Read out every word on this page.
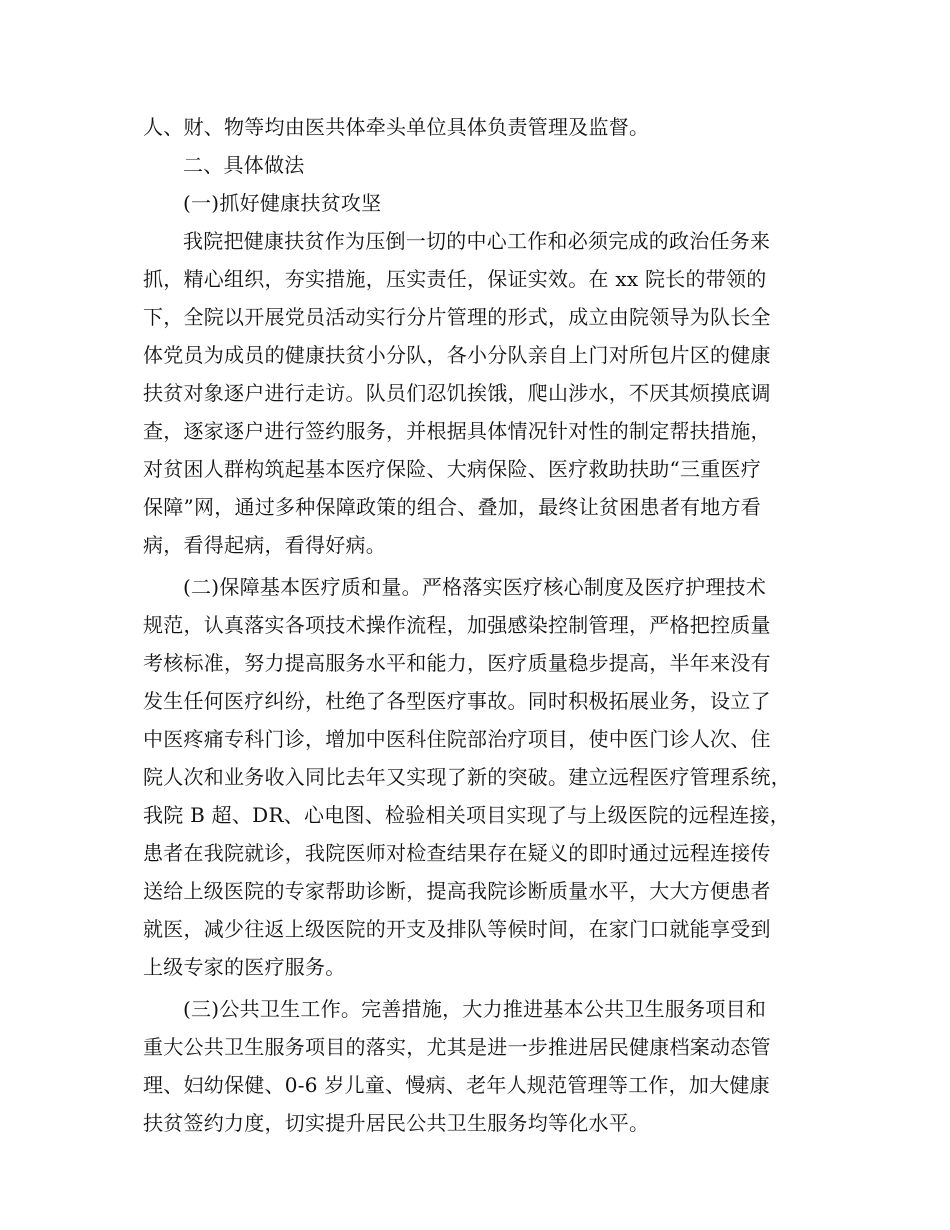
人、财、物等均由医共体牵头单位具体负责管理及监督。
二、具体做法
(一)抓好健康扶贫攻坚
我院把健康扶贫作为压倒一切的中心工作和必须完成的政治任务来
抓，精心组织，夯实措施，压实责任，保证实效。在 xx 院长的带领的
下，全院以开展党员活动实行分片管理的形式，成立由院领导为队长全
体党员为成员的健康扶贫小分队，各小分队亲自上门对所包片区的健康
扶贫对象逐户进行走访。队员们忍饥挨饿，爬山涉水，不厌其烦摸底调
查，逐家逐户进行签约服务，并根据具体情况针对性的制定帮扶措施，
对贫困人群构筑起基本医疗保险、大病保险、医疗救助扶助“三重医疗
保障”网，通过多种保障政策的组合、叠加，最终让贫困患者有地方看
病，看得起病，看得好病。
(二)保障基本医疗质和量。严格落实医疗核心制度及医疗护理技术
规范，认真落实各项技术操作流程，加强感染控制管理，严格把控质量
考核标准，努力提高服务水平和能力，医疗质量稳步提高，半年来没有
发生任何医疗纠纷，杜绝了各型医疗事故。同时积极拓展业务，设立了
中医疼痛专科门诊，增加中医科住院部治疗项目，使中医门诊人次、住
院人次和业务收入同比去年又实现了新的突破。建立远程医疗管理系统，
我院 B 超、DR、心电图、检验相关项目实现了与上级医院的远程连接，
患者在我院就诊，我院医师对检查结果存在疑义的即时通过远程连接传
送给上级医院的专家帮助诊断，提高我院诊断质量水平，大大方便患者
就医，减少往返上级医院的开支及排队等候时间，在家门口就能享受到
上级专家的医疗服务。
(三)公共卫生工作。完善措施，大力推进基本公共卫生服务项目和
重大公共卫生服务项目的落实，尤其是进一步推进居民健康档案动态管
理、妇幼保健、0-6 岁儿童、慢病、老年人规范管理等工作，加大健康
扶贫签约力度，切实提升居民公共卫生服务均等化水平。
